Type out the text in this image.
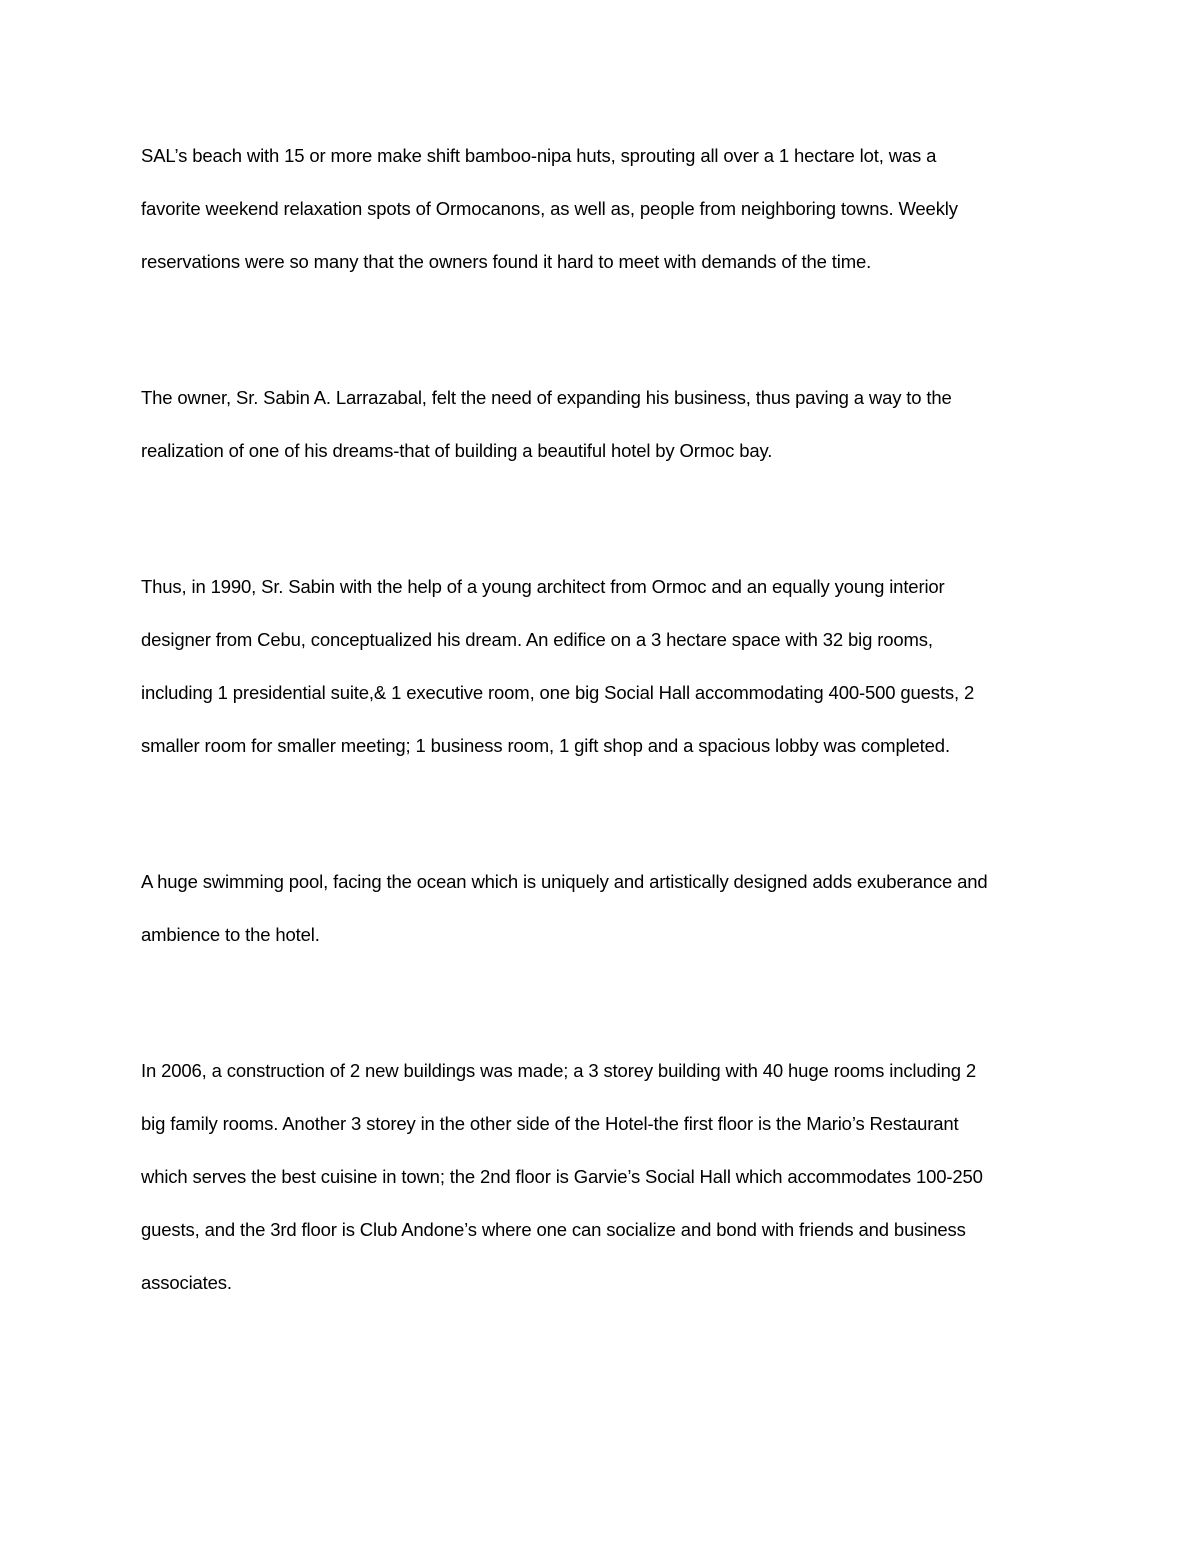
SAL’s beach with 15 or more make shift bamboo-nipa huts, sprouting all over a 1 hectare lot, was a
favorite weekend relaxation spots of Ormocanons, as well as, people from neighboring towns. Weekly
reservations were so many that the owners found it hard to meet with demands of the time.
The owner, Sr. Sabin A. Larrazabal, felt the need of expanding his business, thus paving a way to the
realization of one of his dreams-that of building a beautiful hotel by Ormoc bay.
Thus, in 1990, Sr. Sabin with the help of a young architect from Ormoc and an equally young interior
designer from Cebu, conceptualized his dream. An edifice on a 3 hectare space with 32 big rooms,
including 1 presidential suite,& 1 executive room, one big Social Hall accommodating 400-500 guests, 2
smaller room for smaller meeting; 1 business room, 1 gift shop and a spacious lobby was completed.
A huge swimming pool, facing the ocean which is uniquely and artistically designed adds exuberance and
ambience to the hotel.
In 2006, a construction of 2 new buildings was made; a 3 storey building with 40 huge rooms including 2
big family rooms. Another 3 storey in the other side of the Hotel-the first floor is the Mario’s Restaurant
which serves the best cuisine in town; the 2nd floor is Garvie’s Social Hall which accommodates 100-250
guests, and the 3rd floor is Club Andone’s where one can socialize and bond with friends and business
associates.
